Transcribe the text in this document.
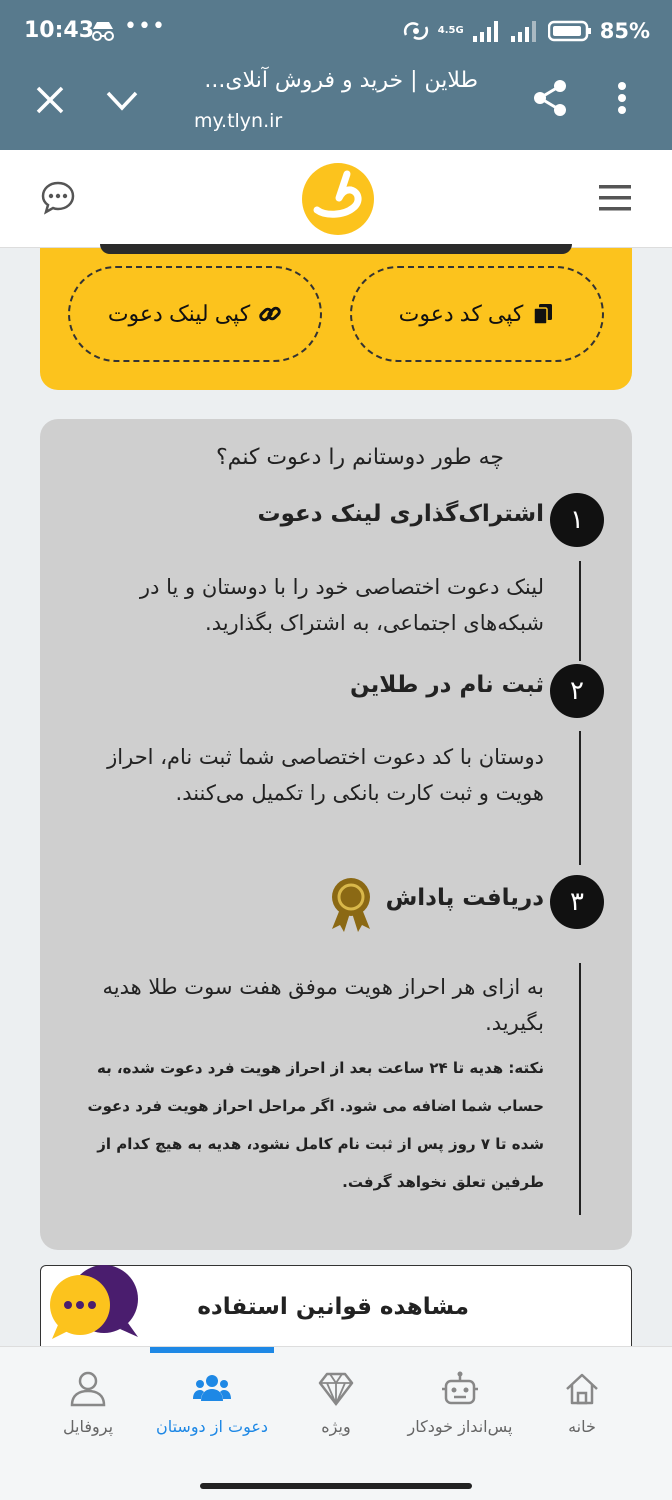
10:43 •••	4.5G	85%
طلاین | خرید و فروش آنلای...
my.tlyn.ir
کپی کد دعوت
کپی لینک دعوت
چه طور دوستانم را دعوت کنم؟
۱
اشتراک‌گذاری لینک دعوت

لینک دعوت اختصاصی خود را با دوستان و یا در شبکه‌های اجتماعی، به اشتراک بگذارید.

۲
ثبت نام در طلاین

دوستان با کد دعوت اختصاصی شما ثبت نام، احراز هویت و ثبت کارت بانکی را تکمیل می‌کنند.

۳
دریافت پاداش

به ازای هر احراز هویت موفق هفت سوت طلا هدیه بگیرید.

نکته: هدیه تا ۲۴ ساعت بعد از احراز هویت فرد دعوت شده، به حساب شما اضافه می شود. اگر مراحل احراز هویت فرد دعوت شده تا ۷ روز پس از ثبت نام کامل نشود، هدیه به هیچ کدام از طرفین تعلق نخواهد گرفت.

مشاهده قوانین استفاده
خانه
پس‌انداز خودکار
ویژه
دعوت از دوستان
پروفایل
